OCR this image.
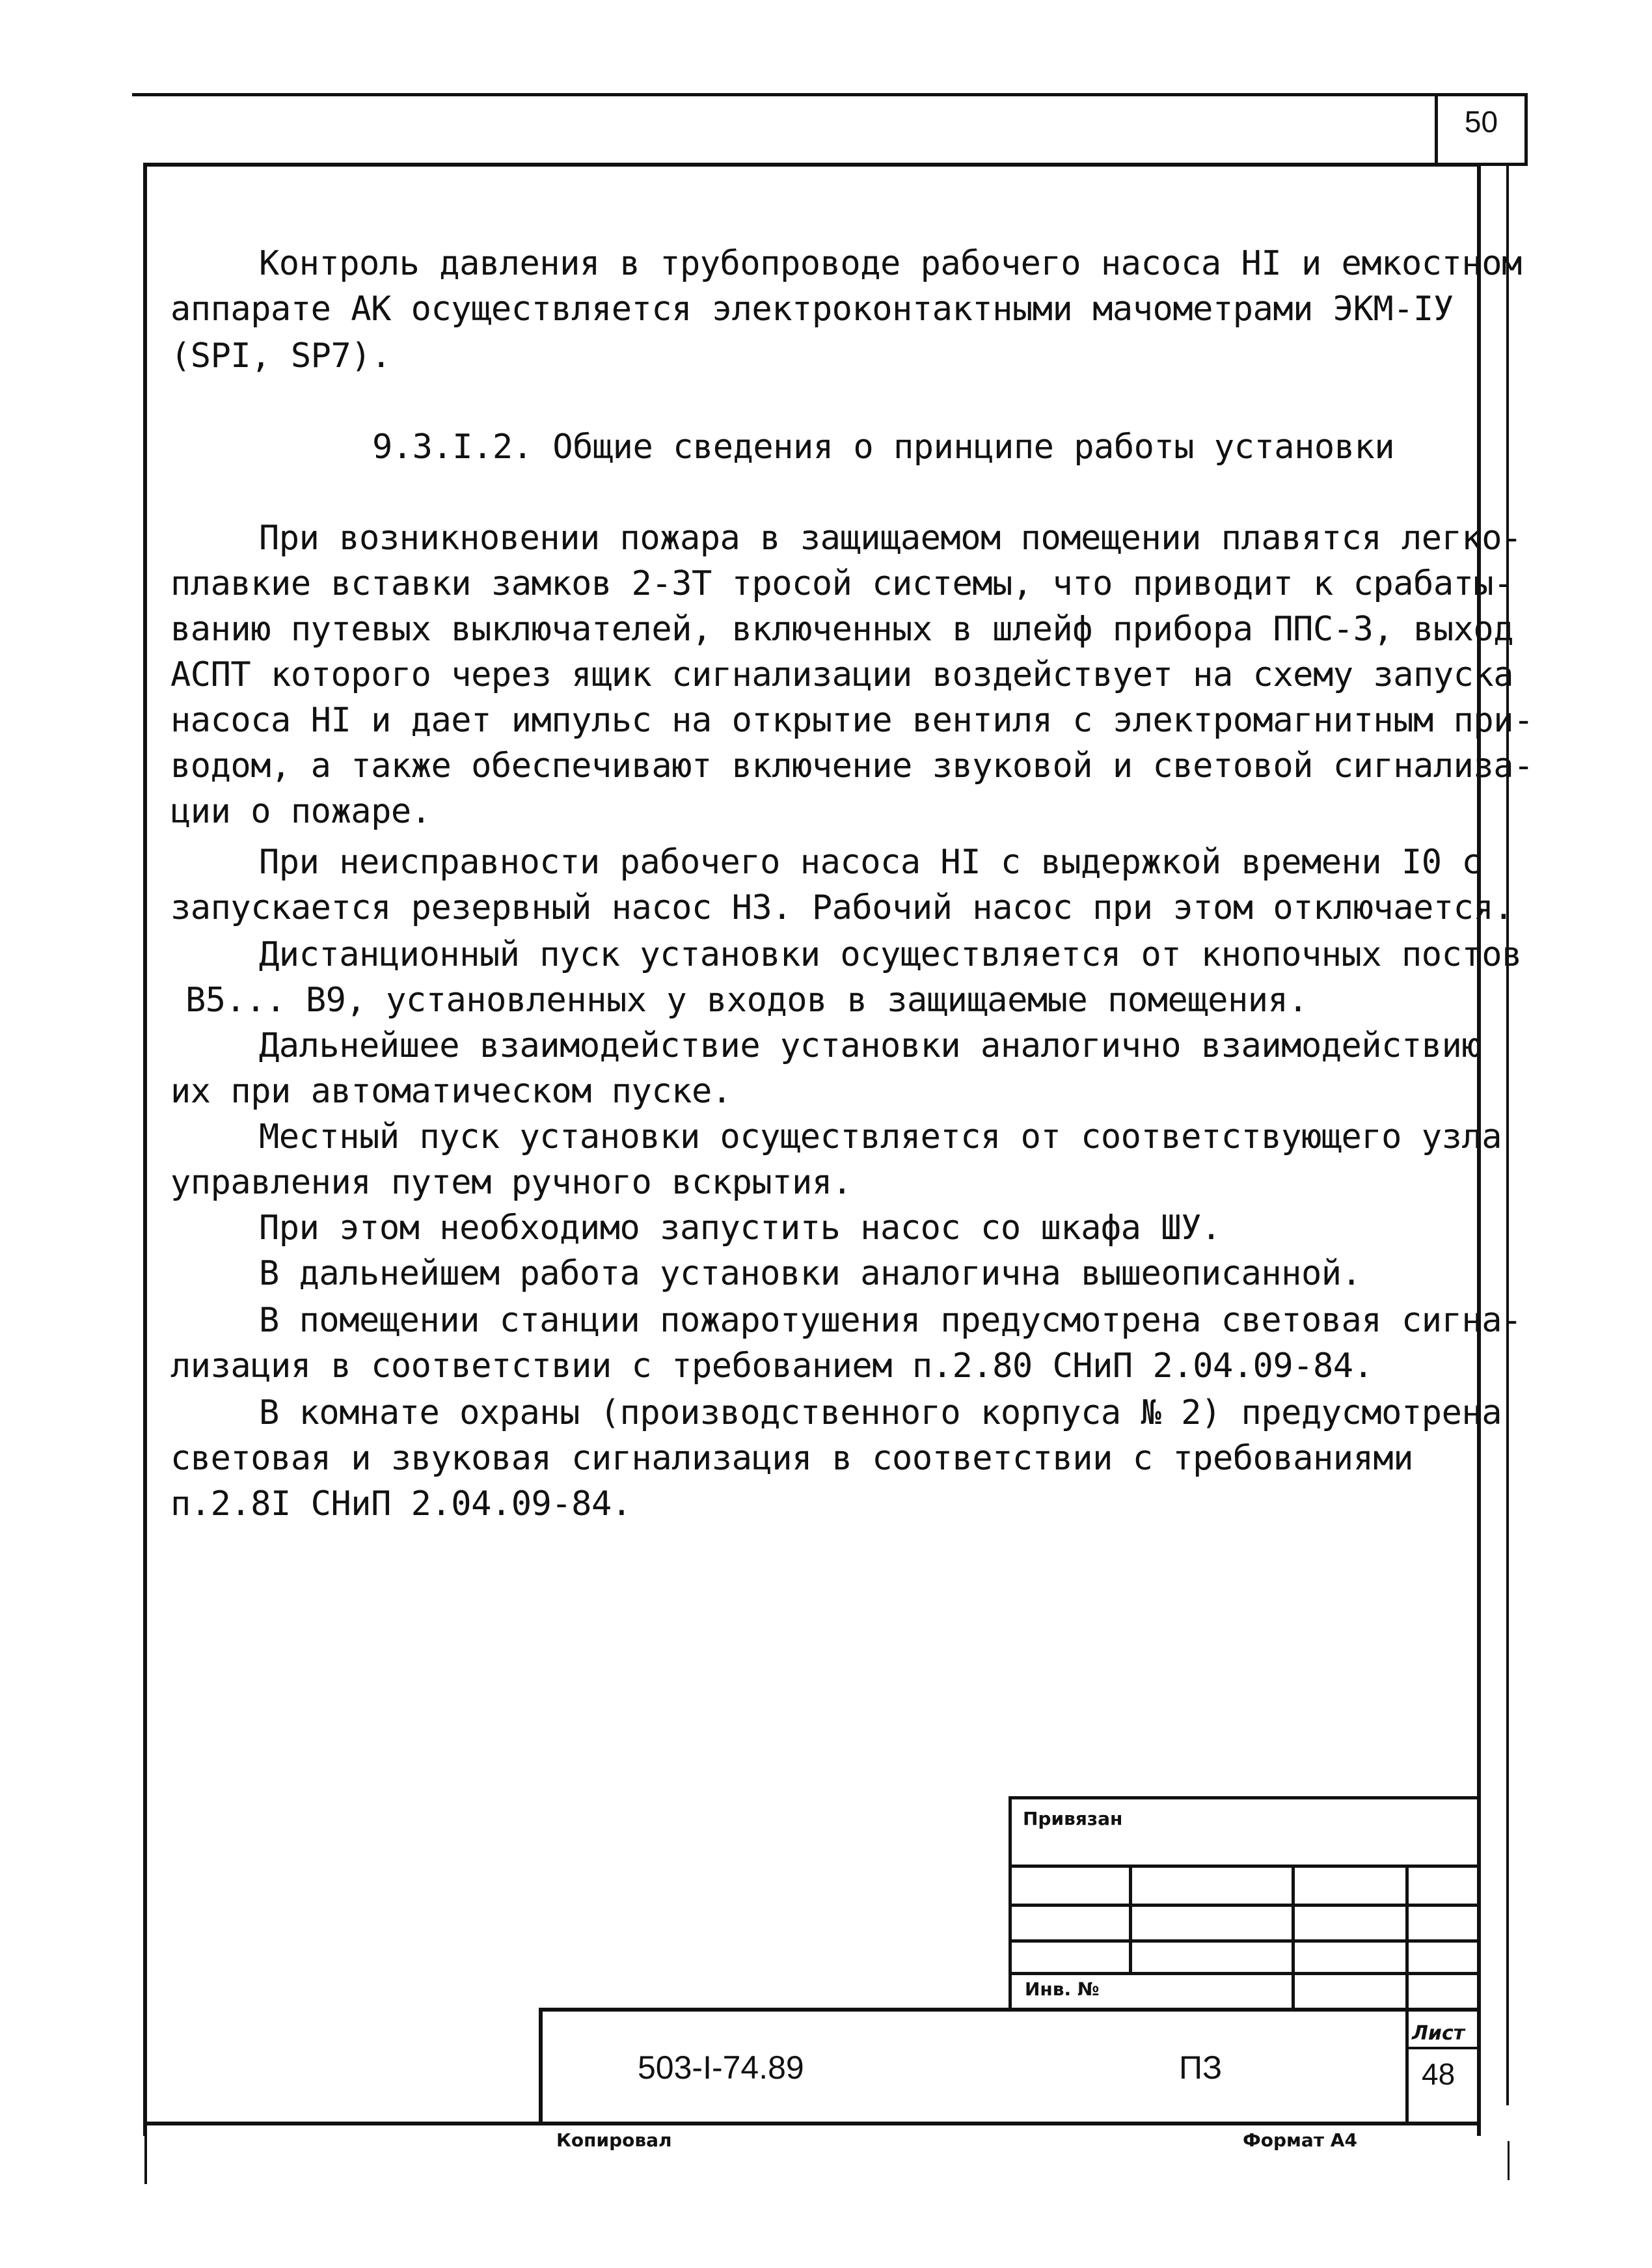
50
Контроль давления в трубопроводе рабочего насоса НI и емкостном
аппарате АК осуществляется электроконтактными мачометрами ЭКМ-IУ
(SPI, SP7).
9.3.I.2. Общие сведения о принципе работы установки
При возникновении пожара в защищаемом помещении плавятся легко-
плавкие вставки замков 2-3Т тросой системы, что приводит к срабаты-
ванию путевых выключателей, включенных в шлейф прибора ППС-3, выход
АСПТ которого через ящик сигнализации воздействует на схему запуска
насоса НI и дает импульс на открытие вентиля с электромагнитным при-
водом, а также обеспечивают включение звуковой и световой сигнализа-
ции о пожаре.
При неисправности рабочего насоса НI с выдержкой времени I0 с
запускается резервный насос Н3. Рабочий насос при этом отключается.
Дистанционный пуск установки осуществляется от кнопочных постов
В5... В9, установленных у входов в защищаемые помещения.
Дальнейшее взаимодействие установки аналогично взаимодействию
их при автоматическом пуске.
Местный пуск установки осуществляется от соответствующего узла
управления путем ручного вскрытия.
При этом необходимо запустить насос со шкафа ШУ.
В дальнейшем работа установки аналогична вышеописанной.
В помещении станции пожаротушения предусмотрена световая сигна-
лизация в соответствии с требованием п.2.80 СНиП 2.04.09-84.
В комнате охраны (производственного корпуса № 2) предусмотрена
световая и звуковая сигнализация в соответствии с требованиями
п.2.8I СНиП 2.04.09-84.
Привязан
Инв. №
503-I-74.89	ПЗ
Лист
48
Копировал	Формат А4
